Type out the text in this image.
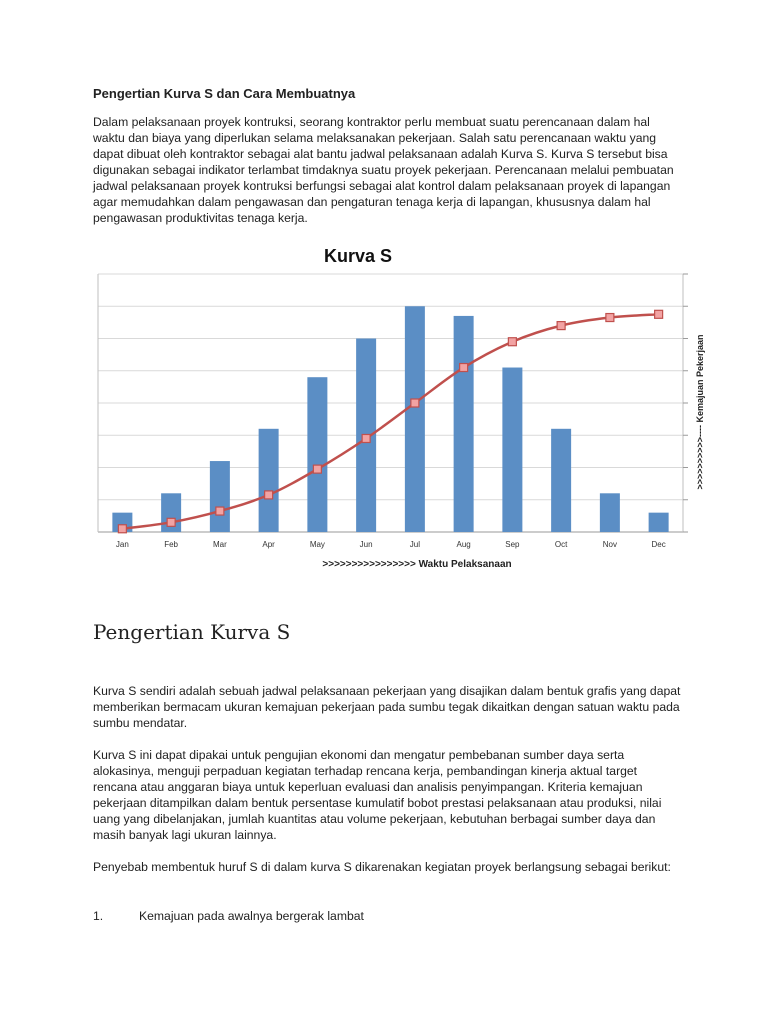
Pengertian Kurva S dan Cara Membuatnya

Dalam pelaksanaan proyek kontruksi, seorang kontraktor perlu membuat suatu perencanaan dalam hal waktu dan biaya yang diperlukan selama melaksanakan pekerjaan. Salah satu perencanaan waktu yang dapat dibuat oleh kontraktor sebagai alat bantu jadwal pelaksanaan adalah Kurva S. Kurva S tersebut bisa digunakan sebagai indikator terlambat timdaknya suatu proyek pekerjaan. Perencanaan melalui pembuatan jadwal pelaksanaan proyek kontruksi berfungsi sebagai alat kontrol dalam pelaksanaan proyek di lapangan agar memudahkan dalam pengawasan dan pengaturan tenaga kerja di lapangan, khususnya dalam hal pengawasan produktivitas tenaga kerja.

Kurva S
Jan	Feb	Mar	Apr	May	Jun	Jul	Aug	Sep	Oct	Nov	Dec
>>>>>>>>>>>>>>>> Waktu Pelaksanaan
>>>>>>>>>>---- Kemajuan Pekerjaan
Pengertian Kurva S

Kurva S sendiri adalah sebuah jadwal pelaksanaan pekerjaan yang disajikan dalam bentuk grafis yang dapat memberikan bermacam ukuran kemajuan pekerjaan pada sumbu tegak dikaitkan dengan satuan waktu pada sumbu mendatar.

Kurva S ini dapat dipakai untuk pengujian ekonomi dan mengatur pembebanan sumber daya serta alokasinya, menguji perpaduan kegiatan terhadap rencana kerja, pembandingan kinerja aktual target rencana atau anggaran biaya untuk keperluan evaluasi dan analisis penyimpangan. Kriteria kemajuan pekerjaan ditampilkan dalam bentuk persentase kumulatif bobot prestasi pelaksanaan atau produksi, nilai uang yang dibelanjakan, jumlah kuantitas atau volume pekerjaan, kebutuhan berbagai sumber daya dan masih banyak lagi ukuran lainnya.

Penyebab membentuk huruf S di dalam kurva S dikarenakan kegiatan proyek berlangsung sebagai berikut:

1.	Kemajuan pada awalnya bergerak lambat
